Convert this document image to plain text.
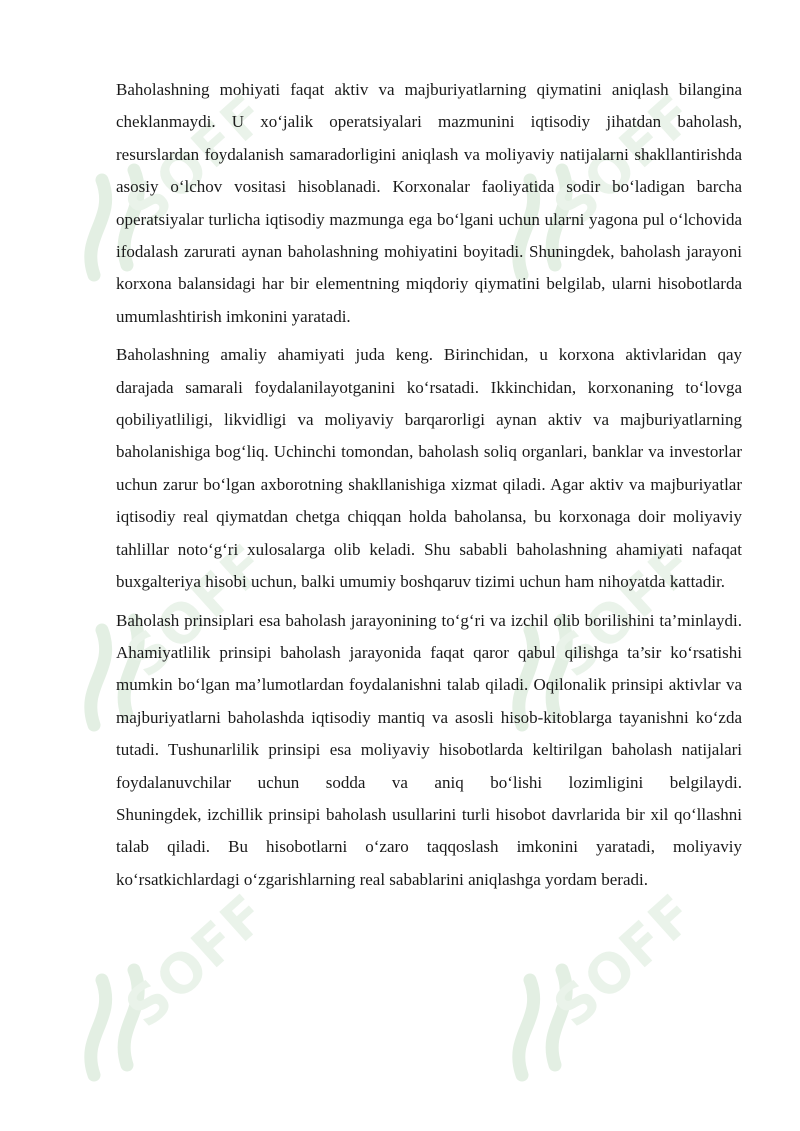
SOFF	SOFF
SOFF	SOFF
SOFF	SOFF

Baholashning mohiyati faqat aktiv va majburiyatlarning qiymatini aniqlash bilangina cheklanmaydi. U xo‘jalik operatsiyalari mazmunini iqtisodiy jihatdan baholash, resurslardan foydalanish samaradorligini aniqlash va moliyaviy natijalarni shakllantirishda asosiy o‘lchov vositasi hisoblanadi. Korxonalar faoliyatida sodir bo‘ladigan barcha operatsiyalar turlicha iqtisodiy mazmunga ega bo‘lgani uchun ularni yagona pul o‘lchovida ifodalash zarurati aynan baholashning mohiyatini boyitadi. Shuningdek, baholash jarayoni korxona balansidagi har bir elementning miqdoriy qiymatini belgilab, ularni hisobotlarda umumlashtirish imkonini yaratadi.

Baholashning amaliy ahamiyati juda keng. Birinchidan, u korxona aktivlaridan qay darajada samarali foydalanilayotganini ko‘rsatadi. Ikkinchidan, korxonaning to‘lovga qobiliyatliligi, likvidligi va moliyaviy barqarorligi aynan aktiv va majburiyatlarning baholanishiga bog‘liq. Uchinchi tomondan, baholash soliq organlari, banklar va investorlar uchun zarur bo‘lgan axborotning shakllanishiga xizmat qiladi. Agar aktiv va majburiyatlar iqtisodiy real qiymatdan chetga chiqqan holda baholansa, bu korxonaga doir moliyaviy tahlillar noto‘g‘ri xulosalarga olib keladi. Shu sababli baholashning ahamiyati nafaqat buxgalteriya hisobi uchun, balki umumiy boshqaruv tizimi uchun ham nihoyatda kattadir.

Baholash prinsiplari esa baholash jarayonining to‘g‘ri va izchil olib borilishini ta’minlaydi. Ahamiyatlilik prinsipi baholash jarayonida faqat qaror qabul qilishga ta’sir ko‘rsatishi mumkin bo‘lgan ma’lumotlardan foydalanishni talab qiladi. Oqilonalik prinsipi aktivlar va majburiyatlarni baholashda iqtisodiy mantiq va asosli hisob-kitoblarga tayanishni ko‘zda tutadi. Tushunarlilik prinsipi esa moliyaviy hisobotlarda keltirilgan baholash natijalari foydalanuvchilar uchun sodda va aniq bo‘lishi lozimligini belgilaydi.

Shuningdek, izchillik prinsipi baholash usullarini turli hisobot davrlarida bir xil qo‘llashni talab qiladi. Bu hisobotlarni o‘zaro taqqoslash imkonini yaratadi, moliyaviy ko‘rsatkichlardagi o‘zgarishlarning real sabablarini aniqlashga yordam beradi.
